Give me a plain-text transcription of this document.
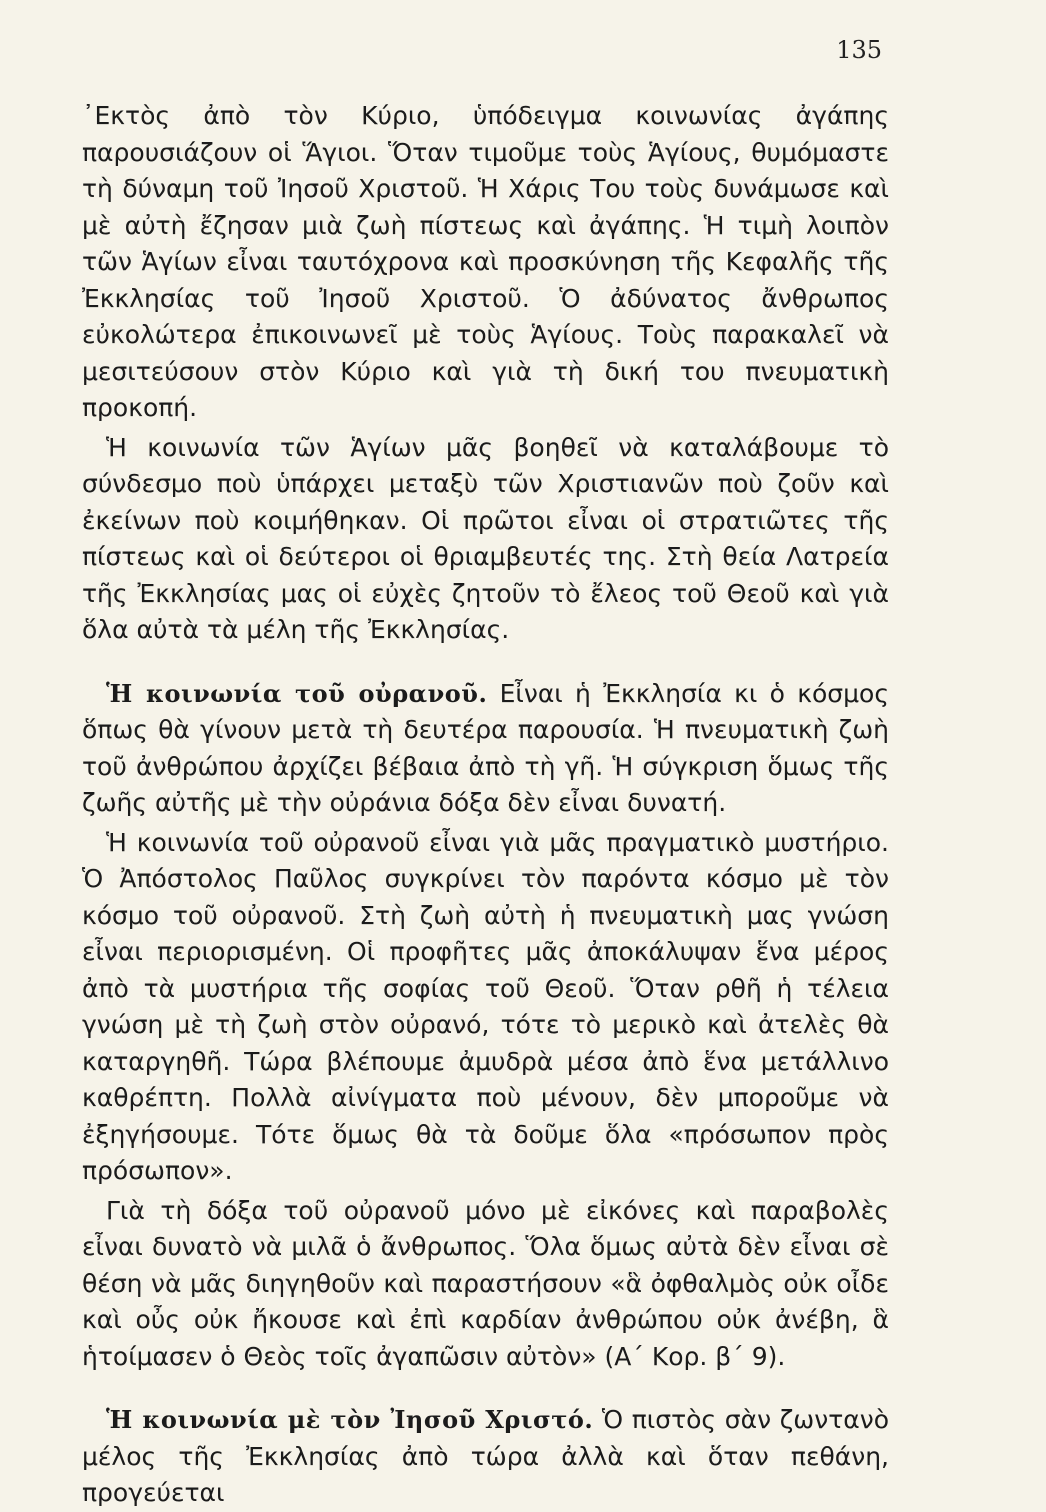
135

᾿Εκτὸς ἀπὸ τὸν Κύριο, ὑπόδειγμα κοινωνίας ἀγάπης παρουσιάζουν οἱ Ἅγιοι. Ὅταν τιμοῦμε τοὺς Ἁγίους, θυμόμαστε τὴ δύναμη τοῦ Ἰησοῦ Χριστοῦ. Ἡ Χάρις Του τοὺς δυνάμωσε καὶ μὲ αὐτὴ ἔζησαν μιὰ ζωὴ πίστεως καὶ ἀγάπης. Ἡ τιμὴ λοιπὸν τῶν Ἁγίων εἶναι ταυτόχρονα καὶ προσκύνηση τῆς Κεφαλῆς τῆς Ἐκκλησίας τοῦ Ἰησοῦ Χριστοῦ. Ὁ ἀδύνατος ἄνθρωπος εὐκολώτερα ἐπικοινωνεῖ μὲ τοὺς Ἁγίους. Τοὺς παρακαλεῖ νὰ μεσιτεύσουν στὸν Κύριο καὶ γιὰ τὴ δική του πνευματικὴ προκοπή.

Ἡ κοινωνία τῶν Ἁγίων μᾶς βοηθεῖ νὰ καταλάβουμε τὸ σύνδεσμο ποὺ ὑπάρχει μεταξὺ τῶν Χριστιανῶν ποὺ ζοῦν καὶ ἐκείνων ποὺ κοιμήθηκαν. Οἱ πρῶτοι εἶναι οἱ στρατιῶτες τῆς πίστεως καὶ οἱ δεύτεροι οἱ θριαμβευτές της. Στὴ θεία Λατρεία τῆς Ἐκκλησίας μας οἱ εὐχὲς ζητοῦν τὸ ἔλεος τοῦ Θεοῦ καὶ γιὰ ὅλα αὐτὰ τὰ μέλη τῆς Ἐκκλησίας.

Ἡ κοινωνία τοῦ οὐρανοῦ. Εἶναι ἡ Ἐκκλησία κι ὁ κόσμος ὅπως θὰ γίνουν μετὰ τὴ δευτέρα παρουσία. Ἡ πνευματικὴ ζωὴ τοῦ ἀνθρώπου ἀρχίζει βέβαια ἀπὸ τὴ γῆ. Ἡ σύγκριση ὅμως τῆς ζωῆς αὐτῆς μὲ τὴν οὐράνια δόξα δὲν εἶναι δυνατή.

Ἡ κοινωνία τοῦ οὐρανοῦ εἶναι γιὰ μᾶς πραγματικὸ μυστήριο. Ὁ Ἀπόστολος Παῦλος συγκρίνει τὸν παρόντα κόσμο μὲ τὸν κόσμο τοῦ οὐρανοῦ. Στὴ ζωὴ αὐτὴ ἡ πνευματικὴ μας γνώση εἶναι περιορισμένη. Οἱ προφῆτες μᾶς ἀποκάλυψαν ἕνα μέρος ἀπὸ τὰ μυστήρια τῆς σοφίας τοῦ Θεοῦ. Ὅταν ρθῆ ἡ τέλεια γνώση μὲ τὴ ζωὴ στὸν οὐρανό, τότε τὸ μερικὸ καὶ ἀτελὲς θὰ καταργηθῆ. Τώρα βλέπουμε ἀμυδρὰ μέσα ἀπὸ ἕνα μετάλλινο καθρέπτη. Πολλὰ αἰνίγματα ποὺ μένουν, δὲν μποροῦμε νὰ ἐξηγήσουμε. Τότε ὅμως θὰ τὰ δοῦμε ὅλα «πρόσωπον πρὸς πρόσωπον».

Γιὰ τὴ δόξα τοῦ οὐρανοῦ μόνο μὲ εἰκόνες καὶ παραβολὲς εἶναι δυνατὸ νὰ μιλᾶ ὁ ἄνθρωπος. Ὅλα ὅμως αὐτὰ δὲν εἶναι σὲ θέση νὰ μᾶς διηγηθοῦν καὶ παραστήσουν «ἃ ὀφθαλμὸς οὐκ οἶδε καὶ οὖς οὐκ ἤκουσε καὶ ἐπὶ καρδίαν ἀνθρώπου οὐκ ἀνέβη, ἃ ἡτοίμασεν ὁ Θεὸς τοῖς ἀγαπῶσιν αὐτὸν» (Α΄ Κορ. β΄ 9).

Ἡ κοινωνία μὲ τὸν Ἰησοῦ Χριστό. Ὁ πιστὸς σὰν ζωντανὸ μέλος τῆς Ἐκκλησίας ἀπὸ τώρα ἀλλὰ καὶ ὅταν πεθάνη, προγεύεται
